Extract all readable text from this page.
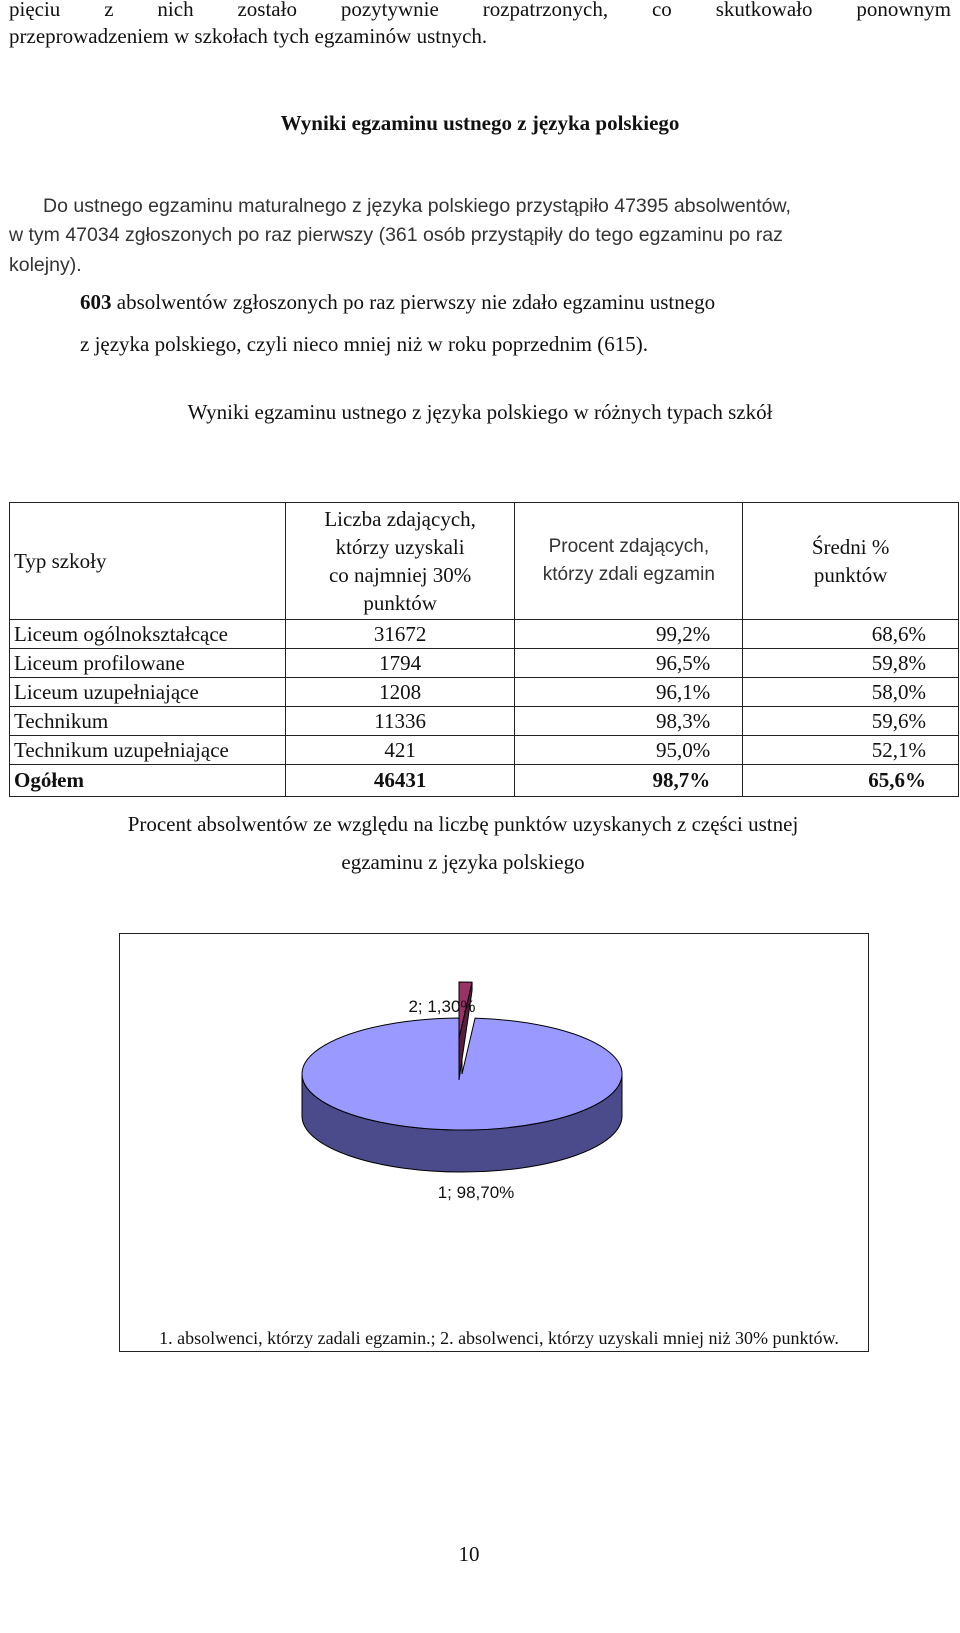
pięciu z nich zostało pozytywnie rozpatrzonych, co skutkowało ponownym
przeprowadzeniem w szkołach tych egzaminów ustnych.
Wyniki egzaminu ustnego z języka polskiego
Do ustnego egzaminu maturalnego z języka polskiego przystąpiło 47395 absolwentów,
w tym 47034 zgłoszonych po raz pierwszy (361 osób przystąpiły do tego egzaminu po raz
kolejny).
603 absolwentów zgłoszonych po raz pierwszy nie zdało egzaminu ustnego
z języka polskiego, czyli nieco mniej niż w roku poprzednim (615).
Wyniki egzaminu ustnego z języka polskiego w różnych typach szkół
Typ szkoły	Liczba zdających,
którzy uzyskali
co najmniej 30%
punktów	Procent zdających,
którzy zdali egzamin	Średni %
punktów
Liceum ogólnokształcące	31672	99,2%	68,6%
Liceum profilowane	1794	96,5%	59,8%
Liceum uzupełniające	1208	96,1%	58,0%
Technikum	11336	98,3%	59,6%
Technikum uzupełniające	421	95,0%	52,1%
Ogółem	46431	98,7%	65,6%
Procent absolwentów ze względu na liczbę punktów uzyskanych z części ustnej
egzaminu z języka polskiego
2; 1,30%
1; 98,70%
1. absolwenci, którzy zadali egzamin.; 2. absolwenci, którzy uzyskali mniej niż 30% punktów.
10
